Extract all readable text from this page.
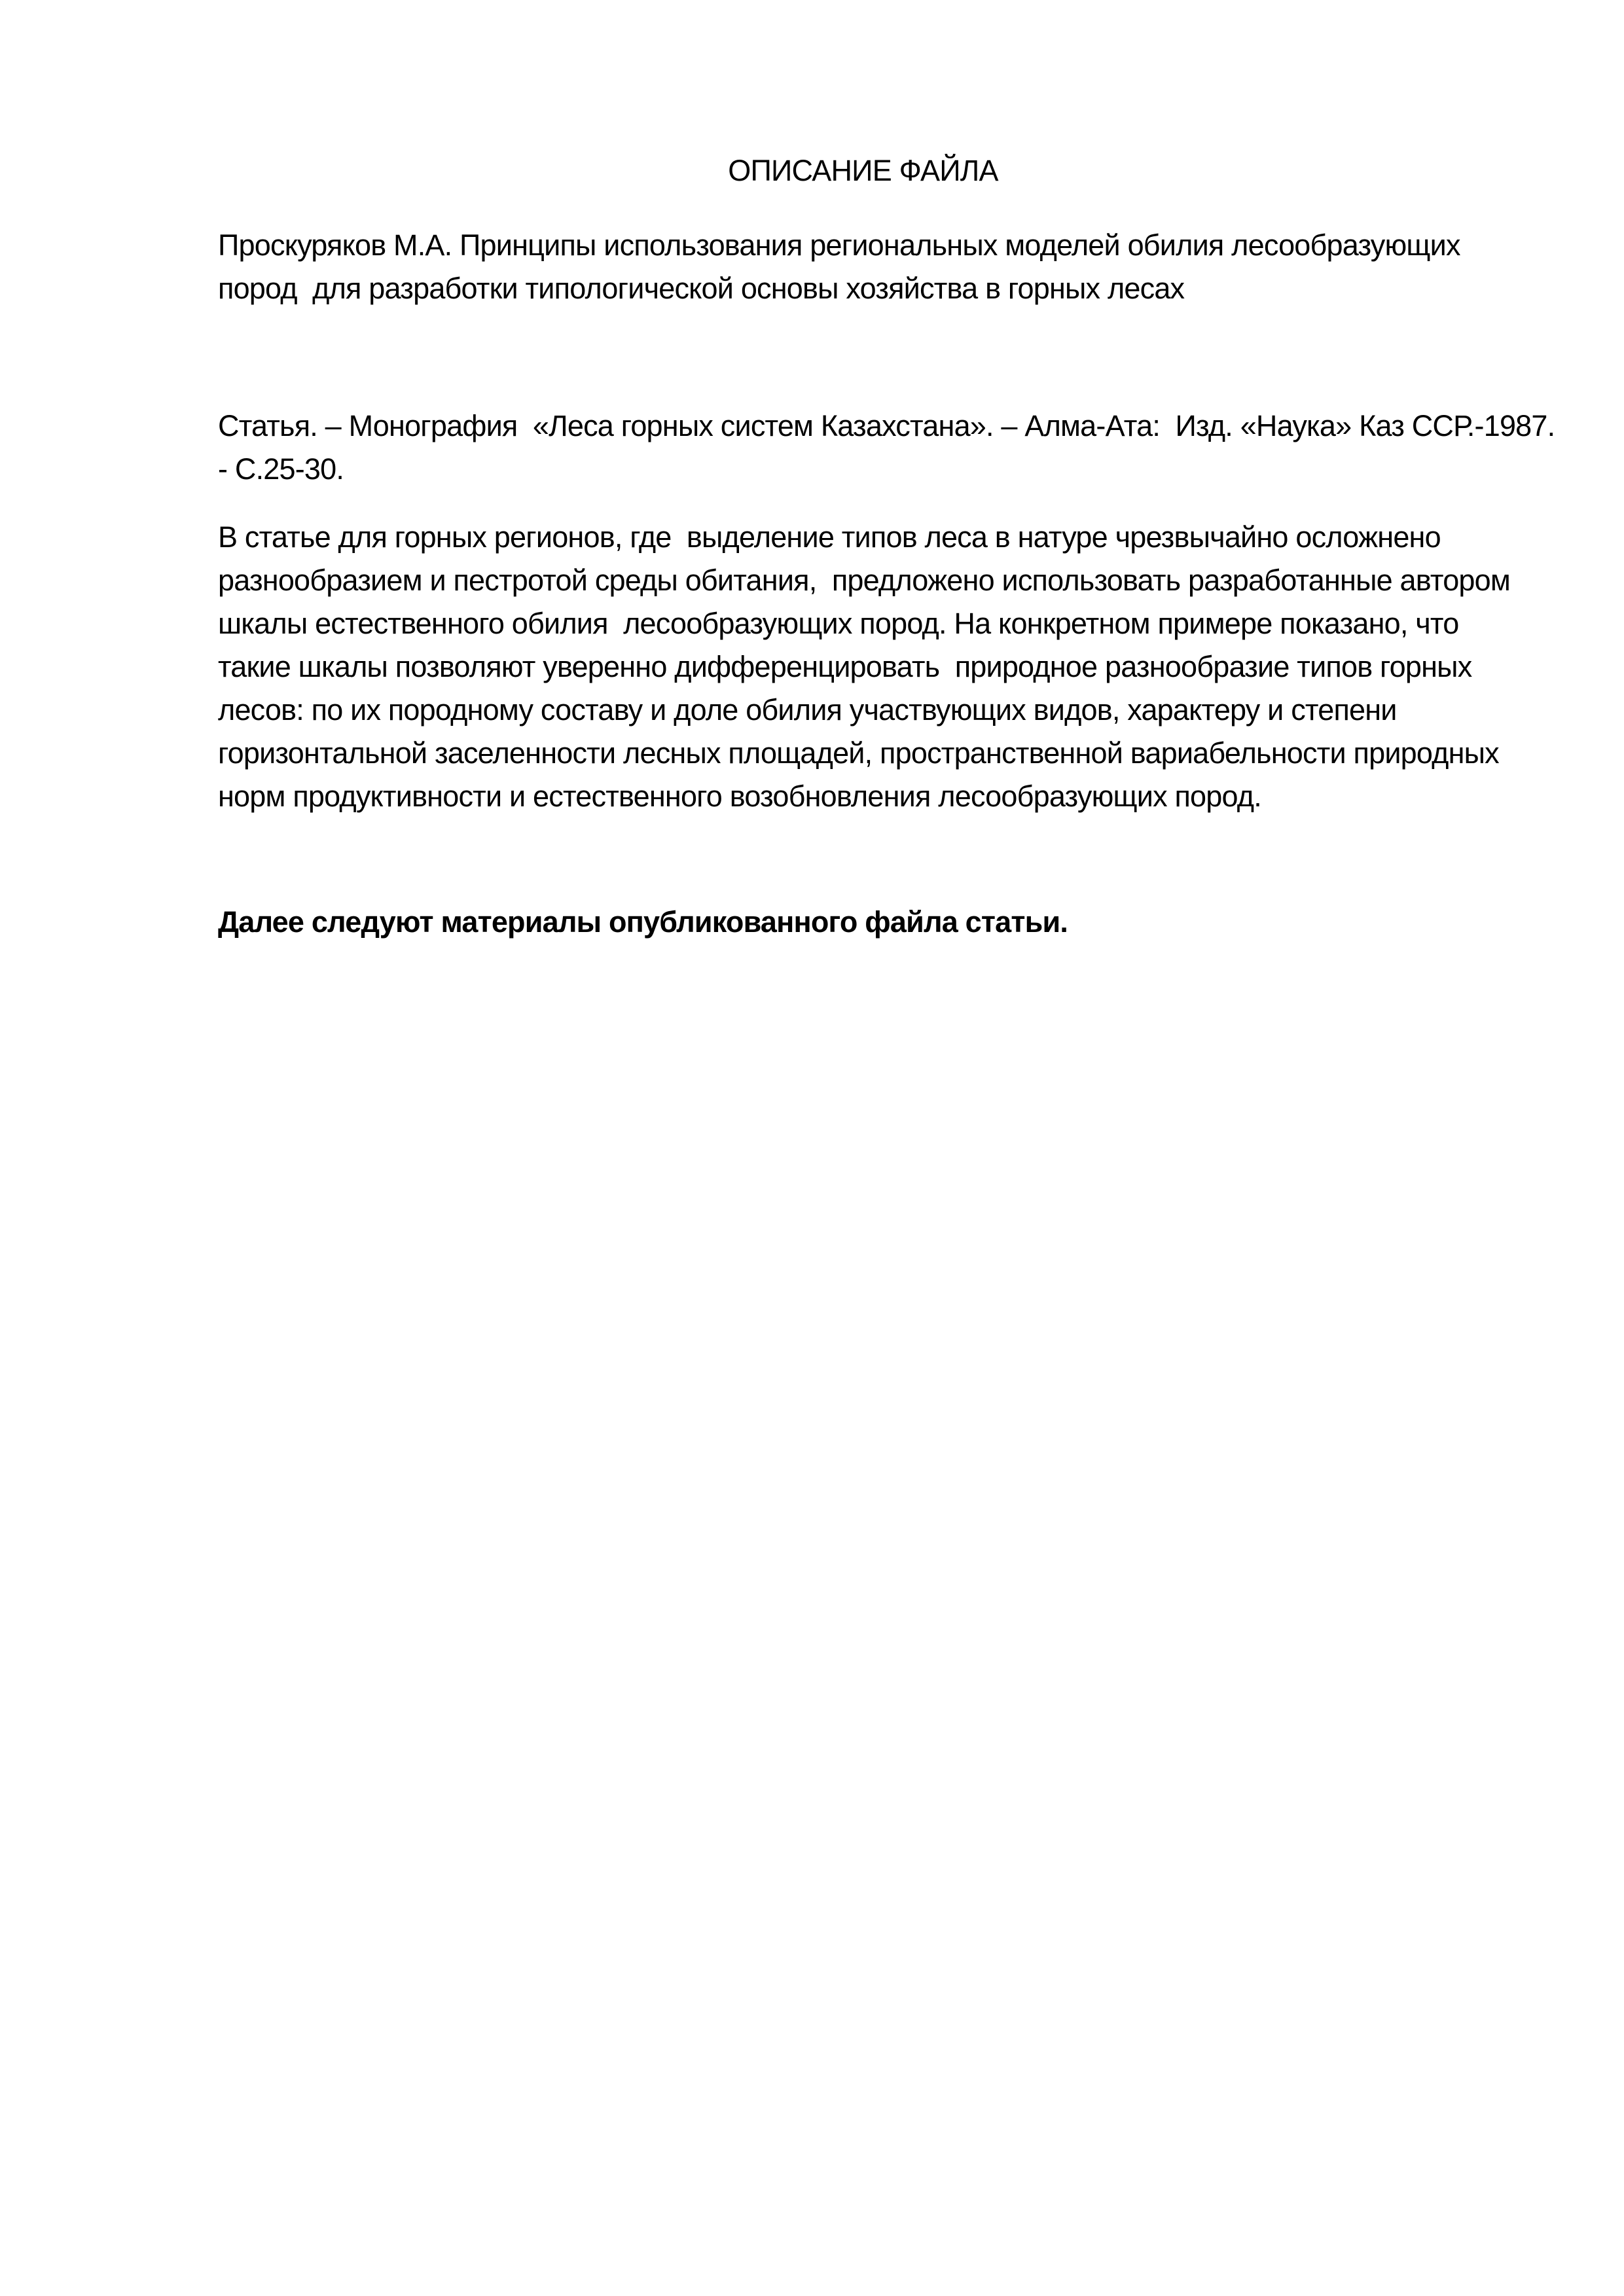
ОПИСАНИЕ ФАЙЛА
Проскуряков М.А. Принципы использования региональных моделей обилия лесообразующих
пород  для разработки типологической основы хозяйства в горных лесах
Статья. – Монография  «Леса горных систем Казахстана». – Алма-Ата:  Изд. «Наука» Каз ССР.-1987.
- С.25-30.
В статье для горных регионов, где  выделение типов леса в натуре чрезвычайно осложнено
разнообразием и пестротой среды обитания,  предложено использовать разработанные автором
шкалы естественного обилия  лесообразующих пород. На конкретном примере показано, что
такие шкалы позволяют уверенно дифференцировать  природное разнообразие типов горных
лесов: по их породному составу и доле обилия участвующих видов, характеру и степени
горизонтальной заселенности лесных площадей, пространственной вариабельности природных
норм продуктивности и естественного возобновления лесообразующих пород.
Далее следуют материалы опубликованного файла статьи.
